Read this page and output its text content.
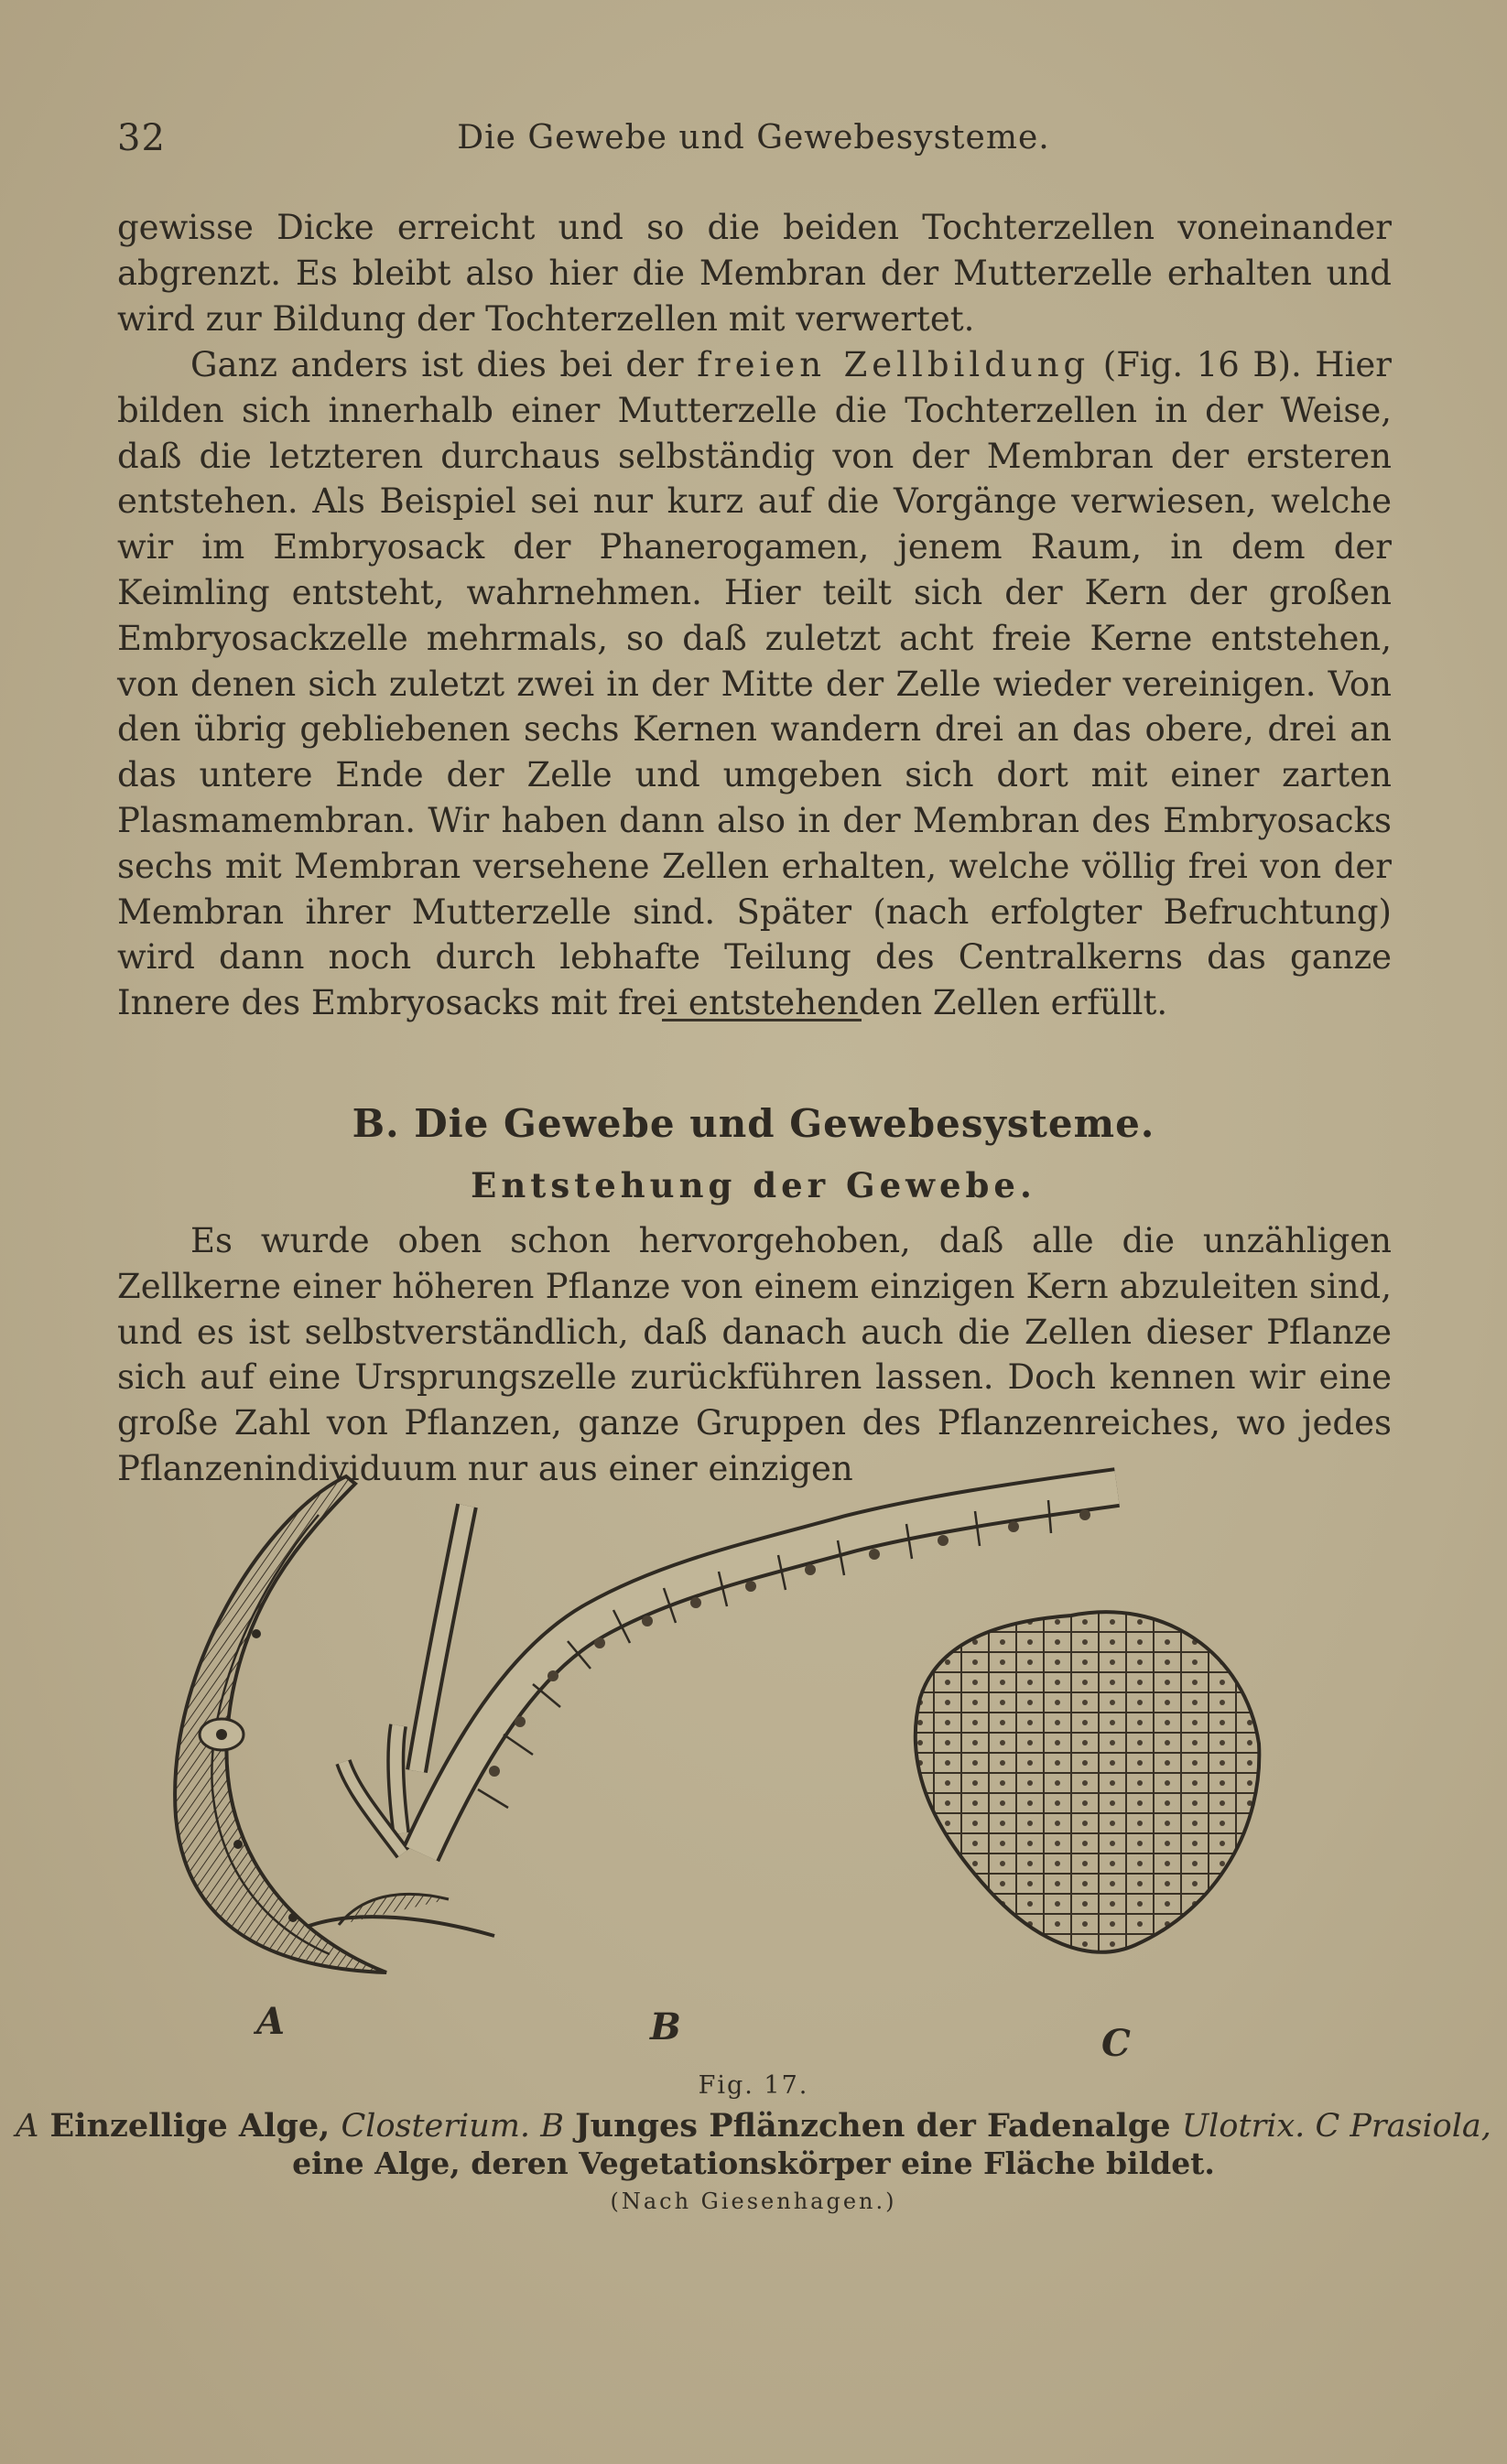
32	Die Gewebe und Gewebesysteme.

gewisse Dicke erreicht und so die beiden Tochterzellen voneinander abgrenzt. Es bleibt also hier die Membran der Mutterzelle erhalten und wird zur Bildung der Tochterzellen mit verwertet.

Ganz anders ist dies bei der freien Zellbildung (Fig. 16 B). Hier bilden sich innerhalb einer Mutterzelle die Tochterzellen in der Weise, daß die letzteren durchaus selbständig von der Membran der ersteren entstehen. Als Beispiel sei nur kurz auf die Vorgänge verwiesen, welche wir im Embryosack der Phanerogamen, jenem Raum, in dem der Keimling entsteht, wahrnehmen. Hier teilt sich der Kern der großen Embryosackzelle mehrmals, so daß zuletzt acht freie Kerne entstehen, von denen sich zuletzt zwei in der Mitte der Zelle wieder vereinigen. Von den übrig gebliebenen sechs Kernen wandern drei an das obere, drei an das untere Ende der Zelle und umgeben sich dort mit einer zarten Plasmamembran. Wir haben dann also in der Membran des Embryosacks sechs mit Membran versehene Zellen erhalten, welche völlig frei von der Membran ihrer Mutterzelle sind. Später (nach erfolgter Befruchtung) wird dann noch durch lebhafte Teilung des Centralkerns das ganze Innere des Embryosacks mit frei entstehenden Zellen erfüllt.

B. Die Gewebe und Gewebesysteme.
Entstehung der Gewebe.

Es wurde oben schon hervorgehoben, daß alle die unzähligen Zellkerne einer höheren Pflanze von einem einzigen Kern abzuleiten sind, und es ist selbstverständlich, daß danach auch die Zellen dieser Pflanze sich auf eine Ursprungszelle zurückführen lassen. Doch kennen wir eine große Zahl von Pflanzen, ganze Gruppen des Pflanzenreiches, wo jedes Pflanzenindividuum nur aus einer einzigen

A	B	C

Fig. 17.

A Einzellige Alge, Closterium. B Junges Pflänzchen der Fadenalge Ulotrix. C Prasiola,

eine Alge, deren Vegetationskörper eine Fläche bildet.

(Nach Giesenhagen.)
